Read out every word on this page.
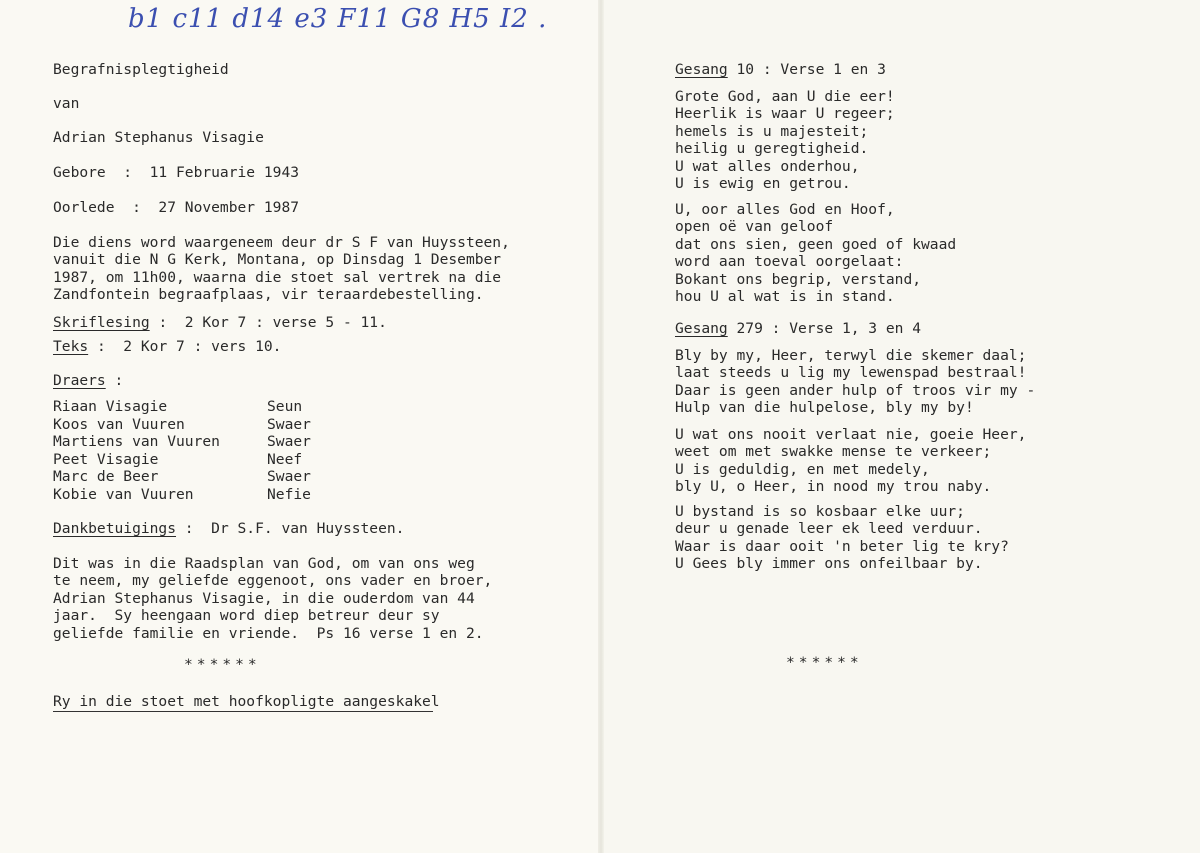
b1 c11 d14 e3 F11 G8 H5 I2 .
Begrafnisplegtigheid
van
Adrian Stephanus Visagie
Gebore  :  11 Februarie 1943
Oorlede  :  27 November 1987
Die diens word waargeneem deur dr S F van Huyssteen,
vanuit die N G Kerk, Montana, op Dinsdag 1 Desember
1987, om 11h00, waarna die stoet sal vertrek na die
Zandfontein begraafplaas, vir teraardebestelling.
Skriflesing :  2 Kor 7 : verse 5 - 11.
Teks :  2 Kor 7 : vers 10.
Draers :
Riaan Visagie	Seun
Koos van Vuuren	Swaer
Martiens van Vuuren	Swaer
Peet Visagie	Neef
Marc de Beer	Swaer
Kobie van Vuuren	Nefie
Dankbetuigings :  Dr S.F. van Huyssteen.
Dit was in die Raadsplan van God, om van ons weg
te neem, my geliefde eggenoot, ons vader en broer,
Adrian Stephanus Visagie, in die ouderdom van 44
jaar.  Sy heengaan word diep betreur deur sy
geliefde familie en vriende.  Ps 16 verse 1 en 2.
******
Ry in die stoet met hoofkopligte aangeskakel
Gesang 10 : Verse 1 en 3
Grote God, aan U die eer!
Heerlik is waar U regeer;
hemels is u majesteit;
heilig u geregtigheid.
U wat alles onderhou,
U is ewig en getrou.
U, oor alles God en Hoof,
open oë van geloof
dat ons sien, geen goed of kwaad
word aan toeval oorgelaat:
Bokant ons begrip, verstand,
hou U al wat is in stand.
Gesang 279 : Verse 1, 3 en 4
Bly by my, Heer, terwyl die skemer daal;
laat steeds u lig my lewenspad bestraal!
Daar is geen ander hulp of troos vir my -
Hulp van die hulpelose, bly my by!
U wat ons nooit verlaat nie, goeie Heer,
weet om met swakke mense te verkeer;
U is geduldig, en met medely,
bly U, o Heer, in nood my trou naby.
U bystand is so kosbaar elke uur;
deur u genade leer ek leed verduur.
Waar is daar ooit 'n beter lig te kry?
U Gees bly immer ons onfeilbaar by.
******
